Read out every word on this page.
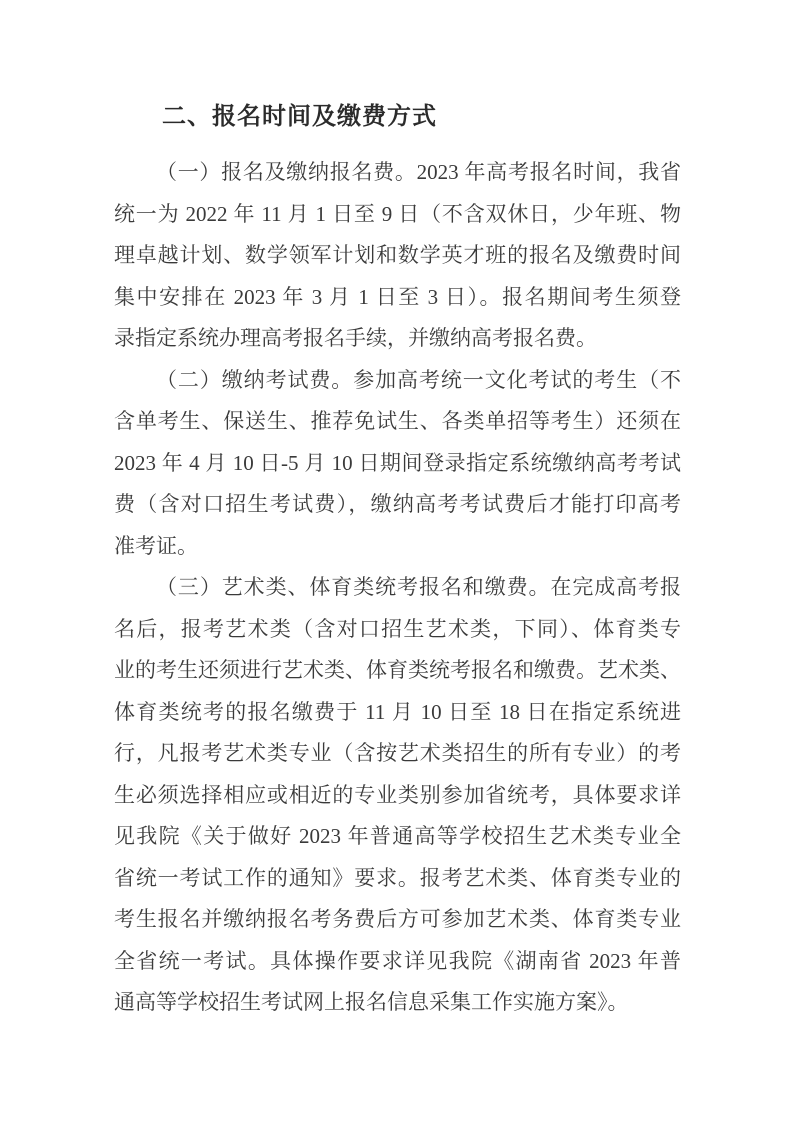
二、报名时间及缴费方式
（一）报名及缴纳报名费。2023 年高考报名时间，我省
统一为 2022 年 11 月 1 日至 9 日（不含双休日，少年班、物
理卓越计划、数学领军计划和数学英才班的报名及缴费时间
集中安排在 2023 年 3 月 1 日至 3 日）。报名期间考生须登
录指定系统办理高考报名手续，并缴纳高考报名费。
（二）缴纳考试费。参加高考统一文化考试的考生（不
含单考生、保送生、推荐免试生、各类单招等考生）还须在
2023 年 4 月 10 日-5 月 10 日期间登录指定系统缴纳高考考试
费（含对口招生考试费），缴纳高考考试费后才能打印高考
准考证。
（三）艺术类、体育类统考报名和缴费。在完成高考报
名后，报考艺术类（含对口招生艺术类，下同）、体育类专
业的考生还须进行艺术类、体育类统考报名和缴费。艺术类、
体育类统考的报名缴费于 11 月 10 日至 18 日在指定系统进
行，凡报考艺术类专业（含按艺术类招生的所有专业）的考
生必须选择相应或相近的专业类别参加省统考，具体要求详
见我院《关于做好 2023 年普通高等学校招生艺术类专业全
省统一考试工作的通知》要求。报考艺术类、体育类专业的
考生报名并缴纳报名考务费后方可参加艺术类、体育类专业
全省统一考试。具体操作要求详见我院《湖南省 2023 年普
通高等学校招生考试网上报名信息采集工作实施方案》。
